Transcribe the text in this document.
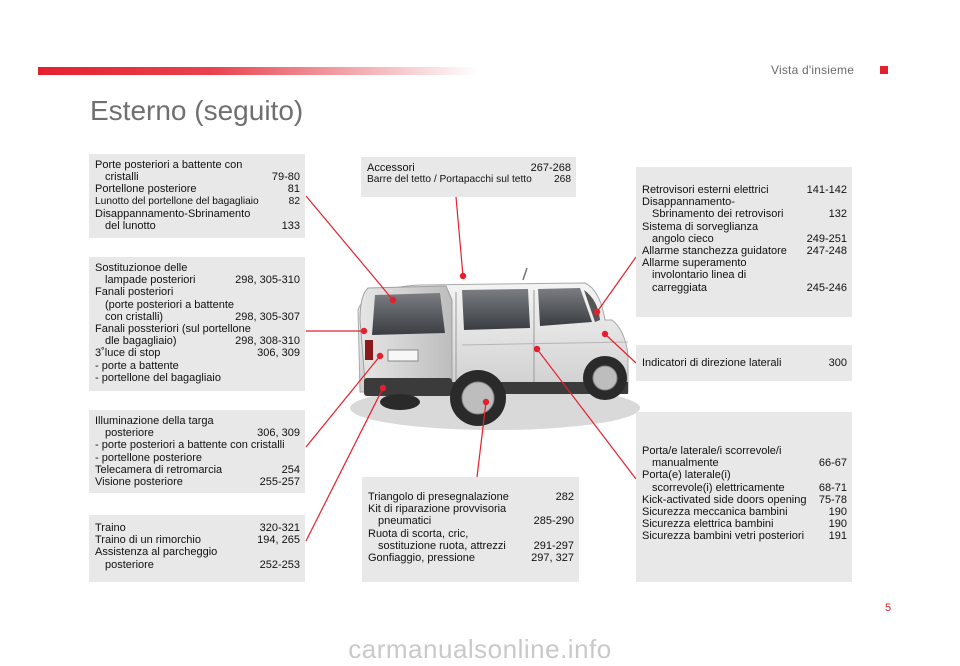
Vista d'insieme
Esterno (seguito)
Porte posteriori a battente con
cristalli	79-80
Portellone posteriore	81
Lunotto del portellone del bagagliaio	82
Disappannamento-Sbrinamento
del lunotto	133
Sostituzionoe delle
lampade posteriori	298, 305-310
Fanali posteriori
(porte posteriori a battente
con cristalli)	298, 305-307
Fanali possteriori (sul portellone
dle bagagliaio)	298, 308-310
3˚luce di stop	306, 309
- porte a battente
- portellone del bagagliaio
Illuminazione della targa
posteriore	306, 309
- porte posteriori a battente con cristalli
- portellone posteriore
Telecamera di retromarcia	254
Visione posteriore	255-257
Traino	320-321
Traino di un rimorchio	194, 265
Assistenza al parcheggio
posteriore	252-253
Accessori	267-268
Barre del tetto / Portapacchi sul tetto	268
Triangolo di presegnalazione	282
Kit di riparazione provvisoria
pneumatici	285-290
Ruota di scorta, cric,
sostituzione ruota, attrezzi	291-297
Gonfiaggio, pressione	297, 327
Retrovisori esterni elettrici	141-142
Disappannamento-
Sbrinamento dei retrovisori	132
Sistema di sorveglianza
angolo cieco	249-251
Allarme stanchezza guidatore	247-248
Allarme superamento
involontario linea di
carreggiata	245-246
Indicatori di direzione laterali	300
Porta/e laterale/i scorrevole/i
manualmente	66-67
Porta(e) laterale(i)
scorrevole(i) elettricamente	68-71
Kick-activated side doors opening	75-78
Sicurezza meccanica bambini	190
Sicurezza elettrica bambini	190
Sicurezza bambini vetri posteriori	191
5
carmanualsonline.info
